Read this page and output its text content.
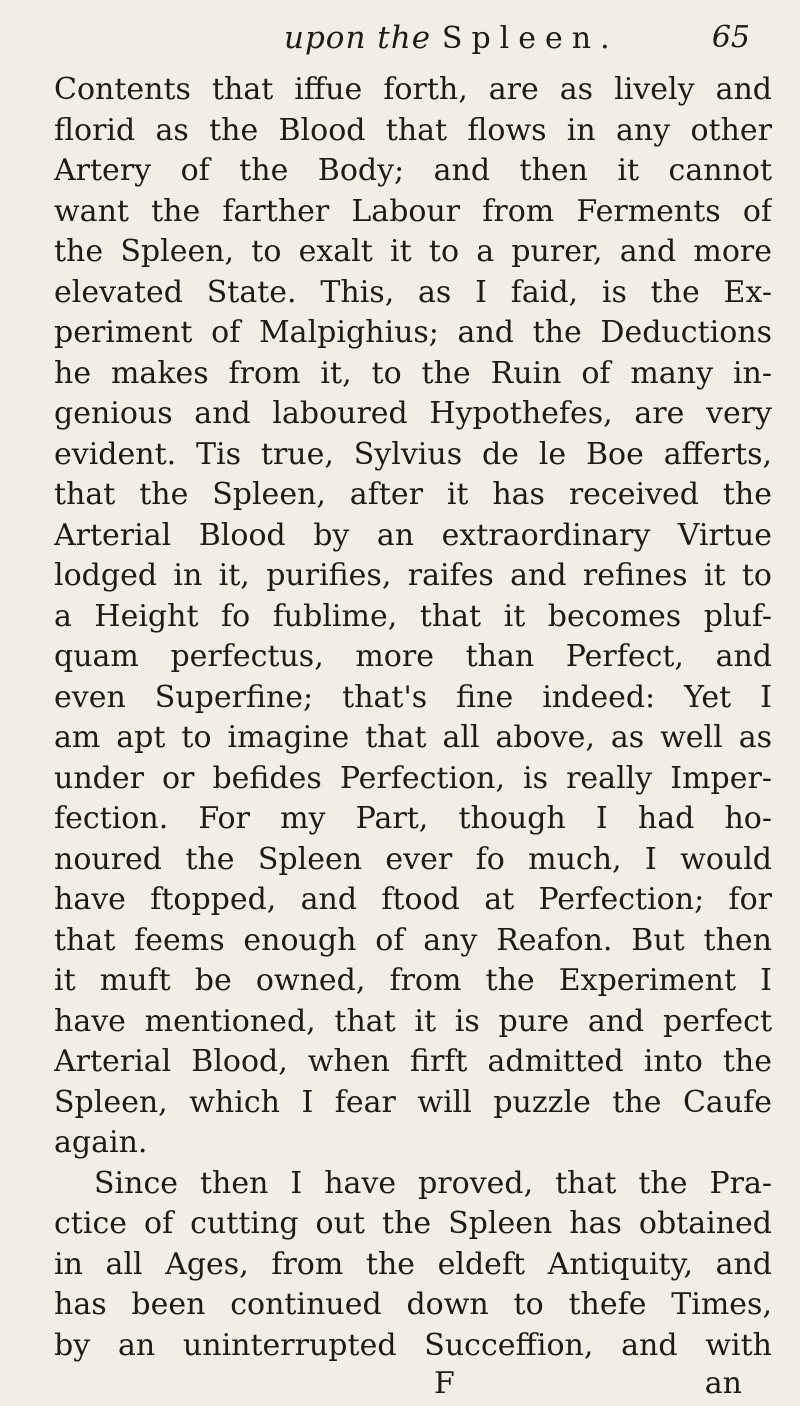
upon the Spleen.	65
Contents that iffue forth, are as lively and
florid as the Blood that flows in any other
Artery of the Body; and then it cannot
want the farther Labour from Ferments of
the Spleen, to exalt it to a purer, and more
elevated State. This, as I faid, is the Ex-
periment of Malpighius; and the Deductions
he makes from it, to the Ruin of many in-
genious and laboured Hypothefes, are very
evident. Tis true, Sylvius de le Boe afferts,
that the Spleen, after it has received the
Arterial Blood by an extraordinary Virtue
lodged in it, purifies, raifes and refines it to
a Height fo fublime, that it becomes pluf-
quam perfectus, more than Perfect, and
even Superfine; that's fine indeed: Yet I
am apt to imagine that all above, as well as
under or befides Perfection, is really Imper-
fection. For my Part, though I had ho-
noured the Spleen ever fo much, I would
have ftopped, and ftood at Perfection; for
that feems enough of any Reafon. But then
it muft be owned, from the Experiment I
have mentioned, that it is pure and perfect
Arterial Blood, when firft admitted into the
Spleen, which I fear will puzzle the Caufe
again.
Since then I have proved, that the Pra-
ctice of cutting out the Spleen has obtained
in all Ages, from the eldeft Antiquity, and
has been continued down to thefe Times,
by an uninterrupted Succeffion, and with
F	an
